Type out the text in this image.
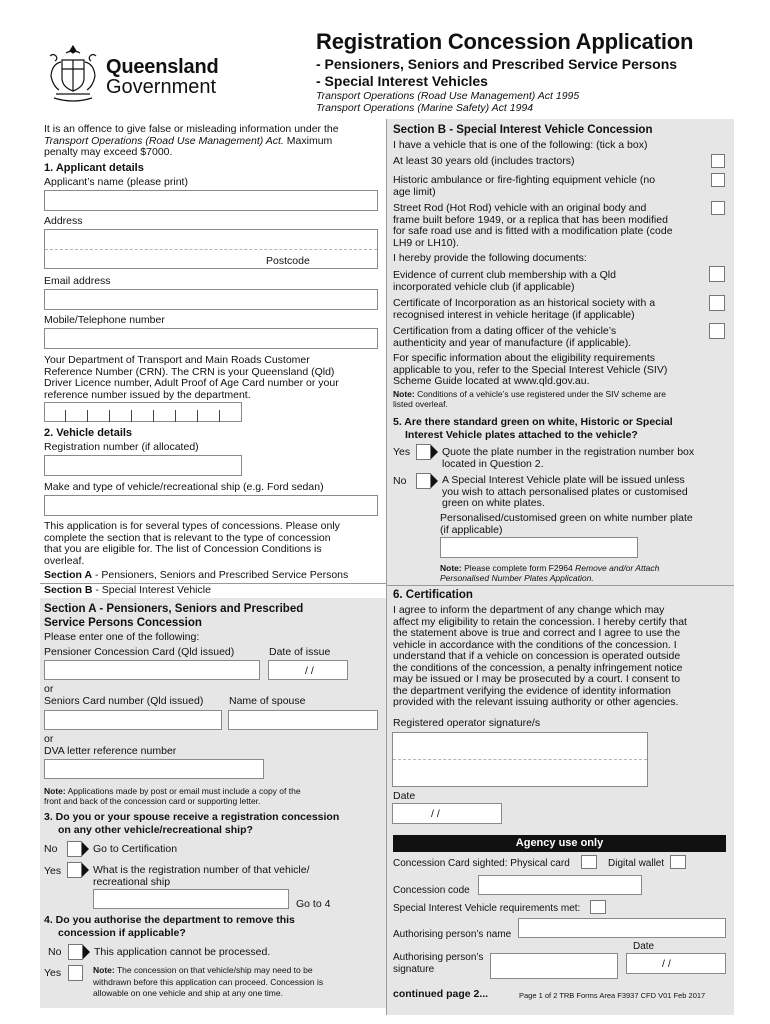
Queensland
Government
Registration Concession Application
- Pensioners, Seniors and Prescribed Service Persons
- Special Interest Vehicles
Transport Operations (Road Use Management) Act 1995
Transport Operations (Marine Safety) Act 1994
It is an offence to give false or misleading information under the
Transport Operations (Road Use Management) Act. Maximum
penalty may exceed $7000.
1. Applicant details
Applicant’s name (please print)
Address
Postcode
Email address
Mobile/Telephone number
Your Department of Transport and Main Roads Customer
Reference Number (CRN). The CRN is your Queensland (Qld)
Driver Licence number, Adult Proof of Age Card number or your
reference number issued by the department.
2. Vehicle details
Registration number (if allocated)
Make and type of vehicle/recreational ship (e.g. Ford sedan)
This application is for several types of concessions. Please only
complete the section that is relevant to the type of concession
that you are eligible for. The list of Concession Conditions is
overleaf.
Section A - Pensioners, Seniors and Prescribed Service Persons
Section B - Special Interest Vehicle
Section A - Pensioners, Seniors and Prescribed
Service Persons Concession
Please enter one of the following:
Pensioner Concession Card (Qld issued)	Date of issue
/ /
or
Seniors Card number (Qld issued) Name of spouse
or
DVA letter reference number
Note: Applications made by post or email must include a copy of the
front and back of the concession card or supporting letter.
3. Do you or your spouse receive a registration concession
on any other vehicle/recreational ship?
No	Go to Certification
Yes	What is the registration number of that vehicle/
recreational ship
Go to 4
4. Do you authorise the department to remove this
concession if applicable?
No	This application cannot be processed.
Yes	Note: The concession on that vehicle/ship may need to be
withdrawn before this application can proceed. Concession is
allowable on one vehicle and ship at any one time.
Section B - Special Interest Vehicle Concession
I have a vehicle that is one of the following: (tick a box)
At least 30 years old (includes tractors)
Historic ambulance or fire-fighting equipment vehicle (no
age limit)
Street Rod (Hot Rod) vehicle with an original body and
frame built before 1949, or a replica that has been modified
for safe road use and is fitted with a modification plate (code
LH9 or LH10).
I hereby provide the following documents:
Evidence of current club membership with a Qld
incorporated vehicle club (if applicable)
Certificate of Incorporation as an historical society with a
recognised interest in vehicle heritage (if applicable)
Certification from a dating officer of the vehicle’s
authenticity and year of manufacture (if applicable).
For specific information about the eligibility requirements
applicable to you, refer to the Special Interest Vehicle (SIV)
Scheme Guide located at www.qld.gov.au.
Note: Conditions of a vehicle’s use registered under the SIV scheme are
listed overleaf.
5. Are there standard green on white, Historic or Special
Interest Vehicle plates attached to the vehicle?
Yes	Quote the plate number in the registration number box
located in Question 2.
No	A Special Interest Vehicle plate will be issued unless
you wish to attach personalised plates or customised
green on white plates.
Personalised/customised green on white number plate
(if applicable)
Note: Please complete form F2964 Remove and/or Attach
Personalised Number Plates Application.
6. Certification
I agree to inform the department of any change which may
affect my eligibility to retain the concession. I hereby certify that
the statement above is true and correct and I agree to use the
vehicle in accordance with the conditions of the concession. I
understand that if a vehicle on concession is operated outside
the conditions of the concession, a penalty infringement notice
may be issued or I may be prosecuted by a court. I consent to
the department verifying the evidence of identity information
provided with the relevant issuing authority or other agencies.
Registered operator signature/s
Date
/ /
Agency use only
Concession Card sighted: Physical card	Digital wallet
Concession code
Special Interest Vehicle requirements met:
Authorising person’s name
Authorising person’s
signature
Date
/ /
continued page 2...	Page 1 of 2 TRB Forms Area F3937 CFD V01 Feb 2017
